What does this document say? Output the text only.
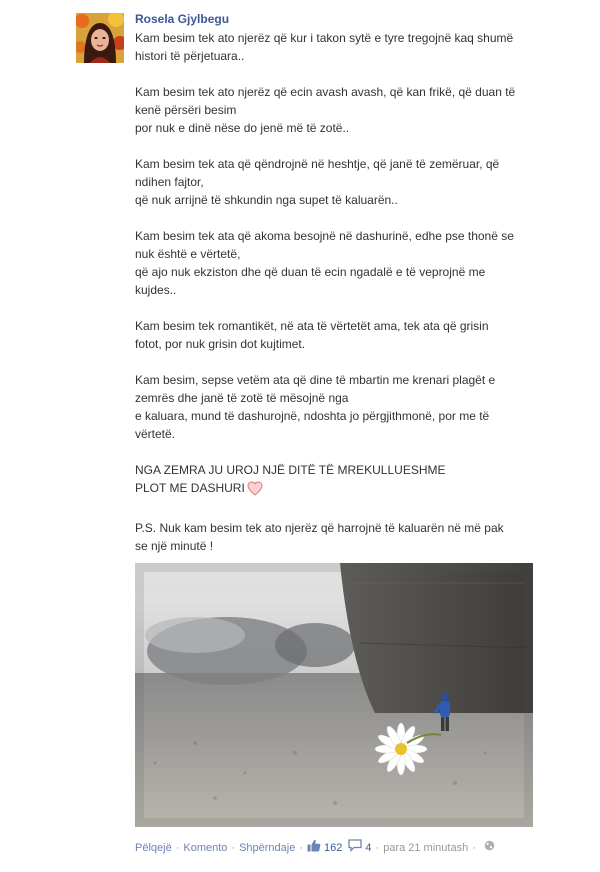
Rosela Gjylbegu
Kam besim tek ato njerëz që kur i takon sytë e tyre tregojnë kaq shumë
histori të përjetuara..
Kam besim tek ato njerëz që ecin avash avash, që kan frikë, që duan të
kenë përsëri besim
por nuk e dinë nëse do jenë më të zotë..
Kam besim tek ata që qëndrojnë në heshtje, që janë të zemëruar, që
ndihen fajtor,
që nuk arrijnë të shkundin nga supet të kaluarën..
Kam besim tek ata që akoma besojnë në dashurinë, edhe pse thonë se
nuk është e vërtetë,
që ajo nuk ekziston dhe që duan të ecin ngadalë e të veprojnë me
kujdes..
Kam besim tek romantikët, në ata të vërtetët ama, tek ata që grisin
fotot, por nuk grisin dot kujtimet.
Kam besim, sepse vetëm ata që dine të mbartin me krenari plagët e
zemrës dhe janë të zotë të mësojnë nga
e kaluara, mund të dashurojnë, ndoshta jo përgjithmonë, por me të
vërtetë.
NGA ZEMRA JU UROJ NJË DITË TË MREKULLUESHME
PLOT ME DASHURI
P.S. Nuk kam besim tek ato njerëz që harrojnë të kaluarën në më pak
se një minutë !
Pëlqejë · Komento · Shpërndaje · 162 4 · para 21 minutash ·
